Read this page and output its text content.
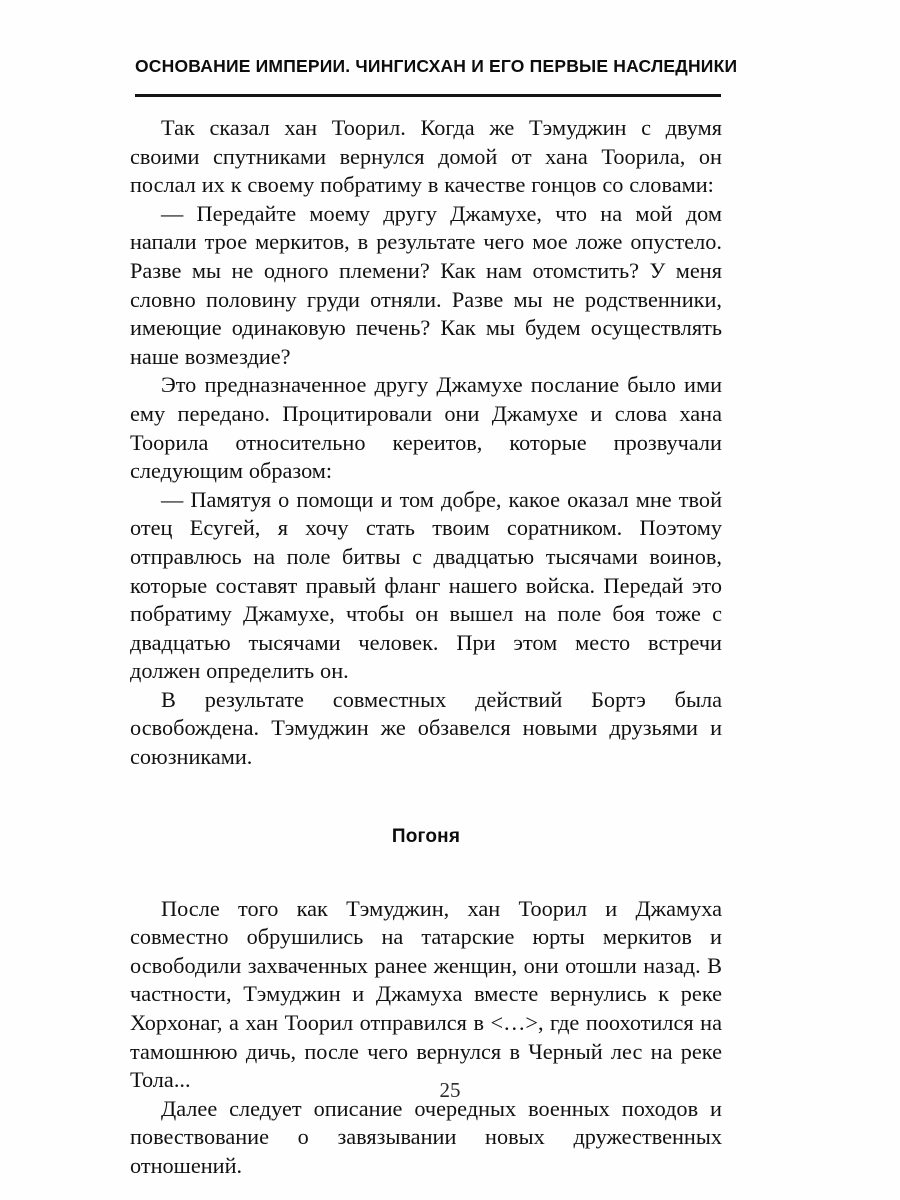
ОСНОВАНИЕ ИМПЕРИИ. ЧИНГИСХАН И ЕГО ПЕРВЫЕ НАСЛЕДНИКИ

Так сказал хан Тоорил. Когда же Тэмуджин с двумя своими спутниками вернулся домой от хана Тоорила, он послал их к своему побратиму в качестве гонцов со словами:

— Передайте моему другу Джамухе, что на мой дом напали трое меркитов, в результате чего мое ложе опустело. Разве мы не одного племени? Как нам отомстить? У меня словно половину груди отняли. Разве мы не родственники, имеющие одинаковую печень? Как мы будем осуществлять наше возмездие?

Это предназначенное другу Джамухе послание было ими ему передано. Процитировали они Джамухе и слова хана Тоорила относительно кереитов, которые прозвучали следующим образом:

— Памятуя о помощи и том добре, какое оказал мне твой отец Есугей, я хочу стать твоим соратником. Поэтому отправлюсь на поле битвы с двадцатью тысячами воинов, которые составят правый фланг нашего войска. Передай это побратиму Джамухе, чтобы он вышел на поле боя тоже с двадцатью тысячами человек. При этом место встречи должен определить он.

В результате совместных действий Бортэ была освобождена. Тэмуджин же обзавелся новыми друзьями и союзниками.

Погоня

После того как Тэмуджин, хан Тоорил и Джамуха совместно обрушились на татарские юрты меркитов и освободили захваченных ранее женщин, они отошли назад. В частности, Тэмуджин и Джамуха вместе вернулись к реке Хорхонаг, а хан Тоорил отправился в <…>, где поохотился на тамошнюю дичь, после чего вернулся в Черный лес на реке Тола...

Далее следует описание очередных военных походов и повествование о завязывании новых дружественных отношений.

25
